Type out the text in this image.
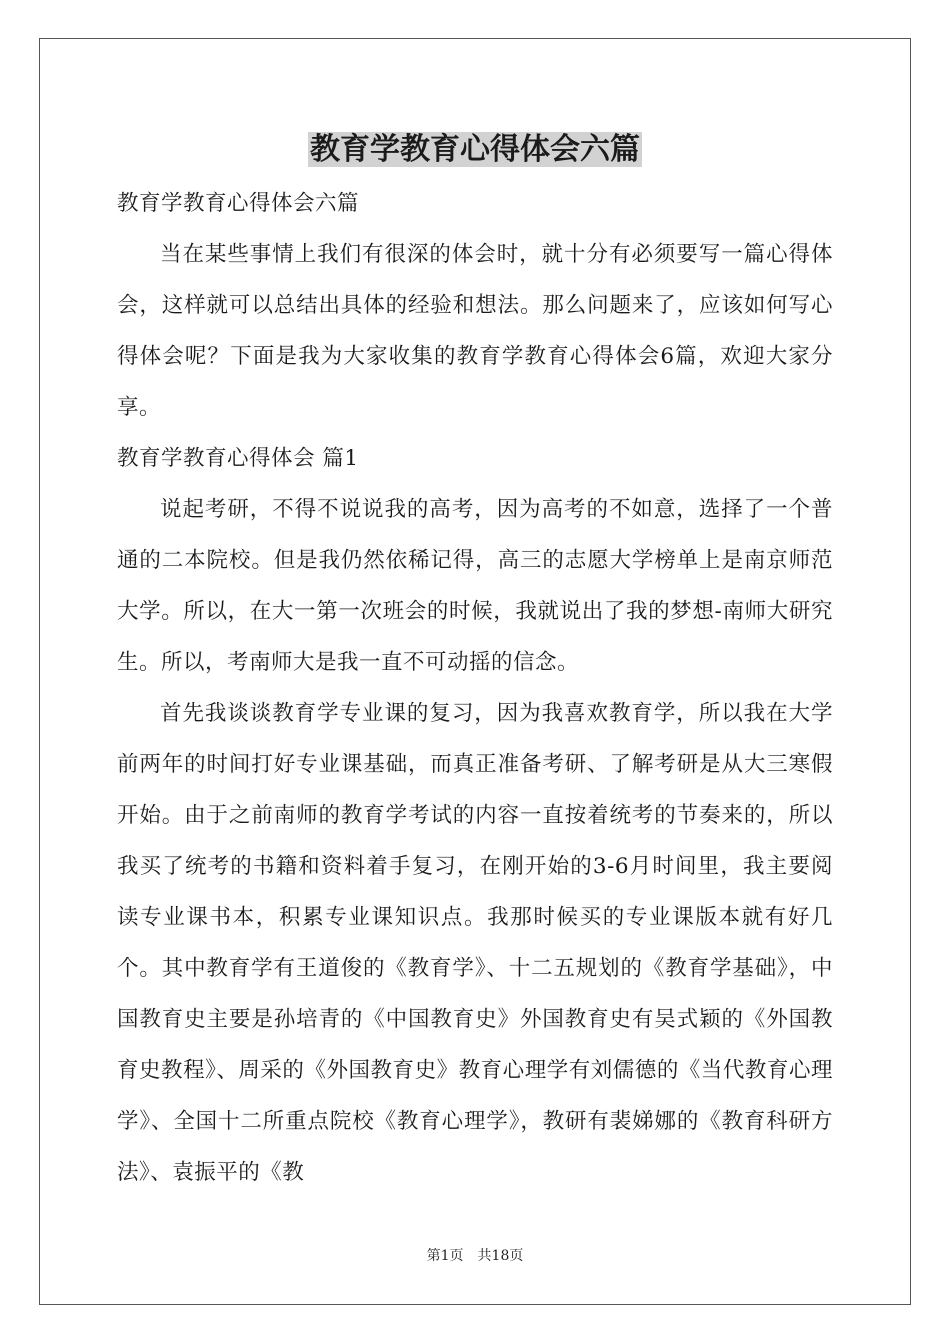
教育学教育心得体会六篇

教育学教育心得体会六篇

当在某些事情上我们有很深的体会时，就十分有必须要写一篇心得体会，这样就可以总结出具体的经验和想法。那么问题来了，应该如何写心得体会呢？下面是我为大家收集的教育学教育心得体会6篇，欢迎大家分享。

教育学教育心得体会 篇1

说起考研，不得不说说我的高考，因为高考的不如意，选择了一个普通的二本院校。但是我仍然依稀记得，高三的志愿大学榜单上是南京师范大学。所以，在大一第一次班会的时候，我就说出了我的梦想-南师大研究生。所以，考南师大是我一直不可动摇的信念。

首先我谈谈教育学专业课的复习，因为我喜欢教育学，所以我在大学前两年的时间打好专业课基础，而真正准备考研、了解考研是从大三寒假开始。由于之前南师的教育学考试的内容一直按着统考的节奏来的，所以我买了统考的书籍和资料着手复习，在刚开始的3-6月时间里，我主要阅读专业课书本，积累专业课知识点。我那时候买的专业课版本就有好几个。其中教育学有王道俊的《教育学》、十二五规划的《教育学基础》，中国教育史主要是孙培青的《中国教育史》外国教育史有吴式颖的《外国教育史教程》、周采的《外国教育史》教育心理学有刘儒德的《当代教育心理学》、全国十二所重点院校《教育心理学》，教研有裴娣娜的《教育科研方法》、袁振平的《教

第1页 共18页
